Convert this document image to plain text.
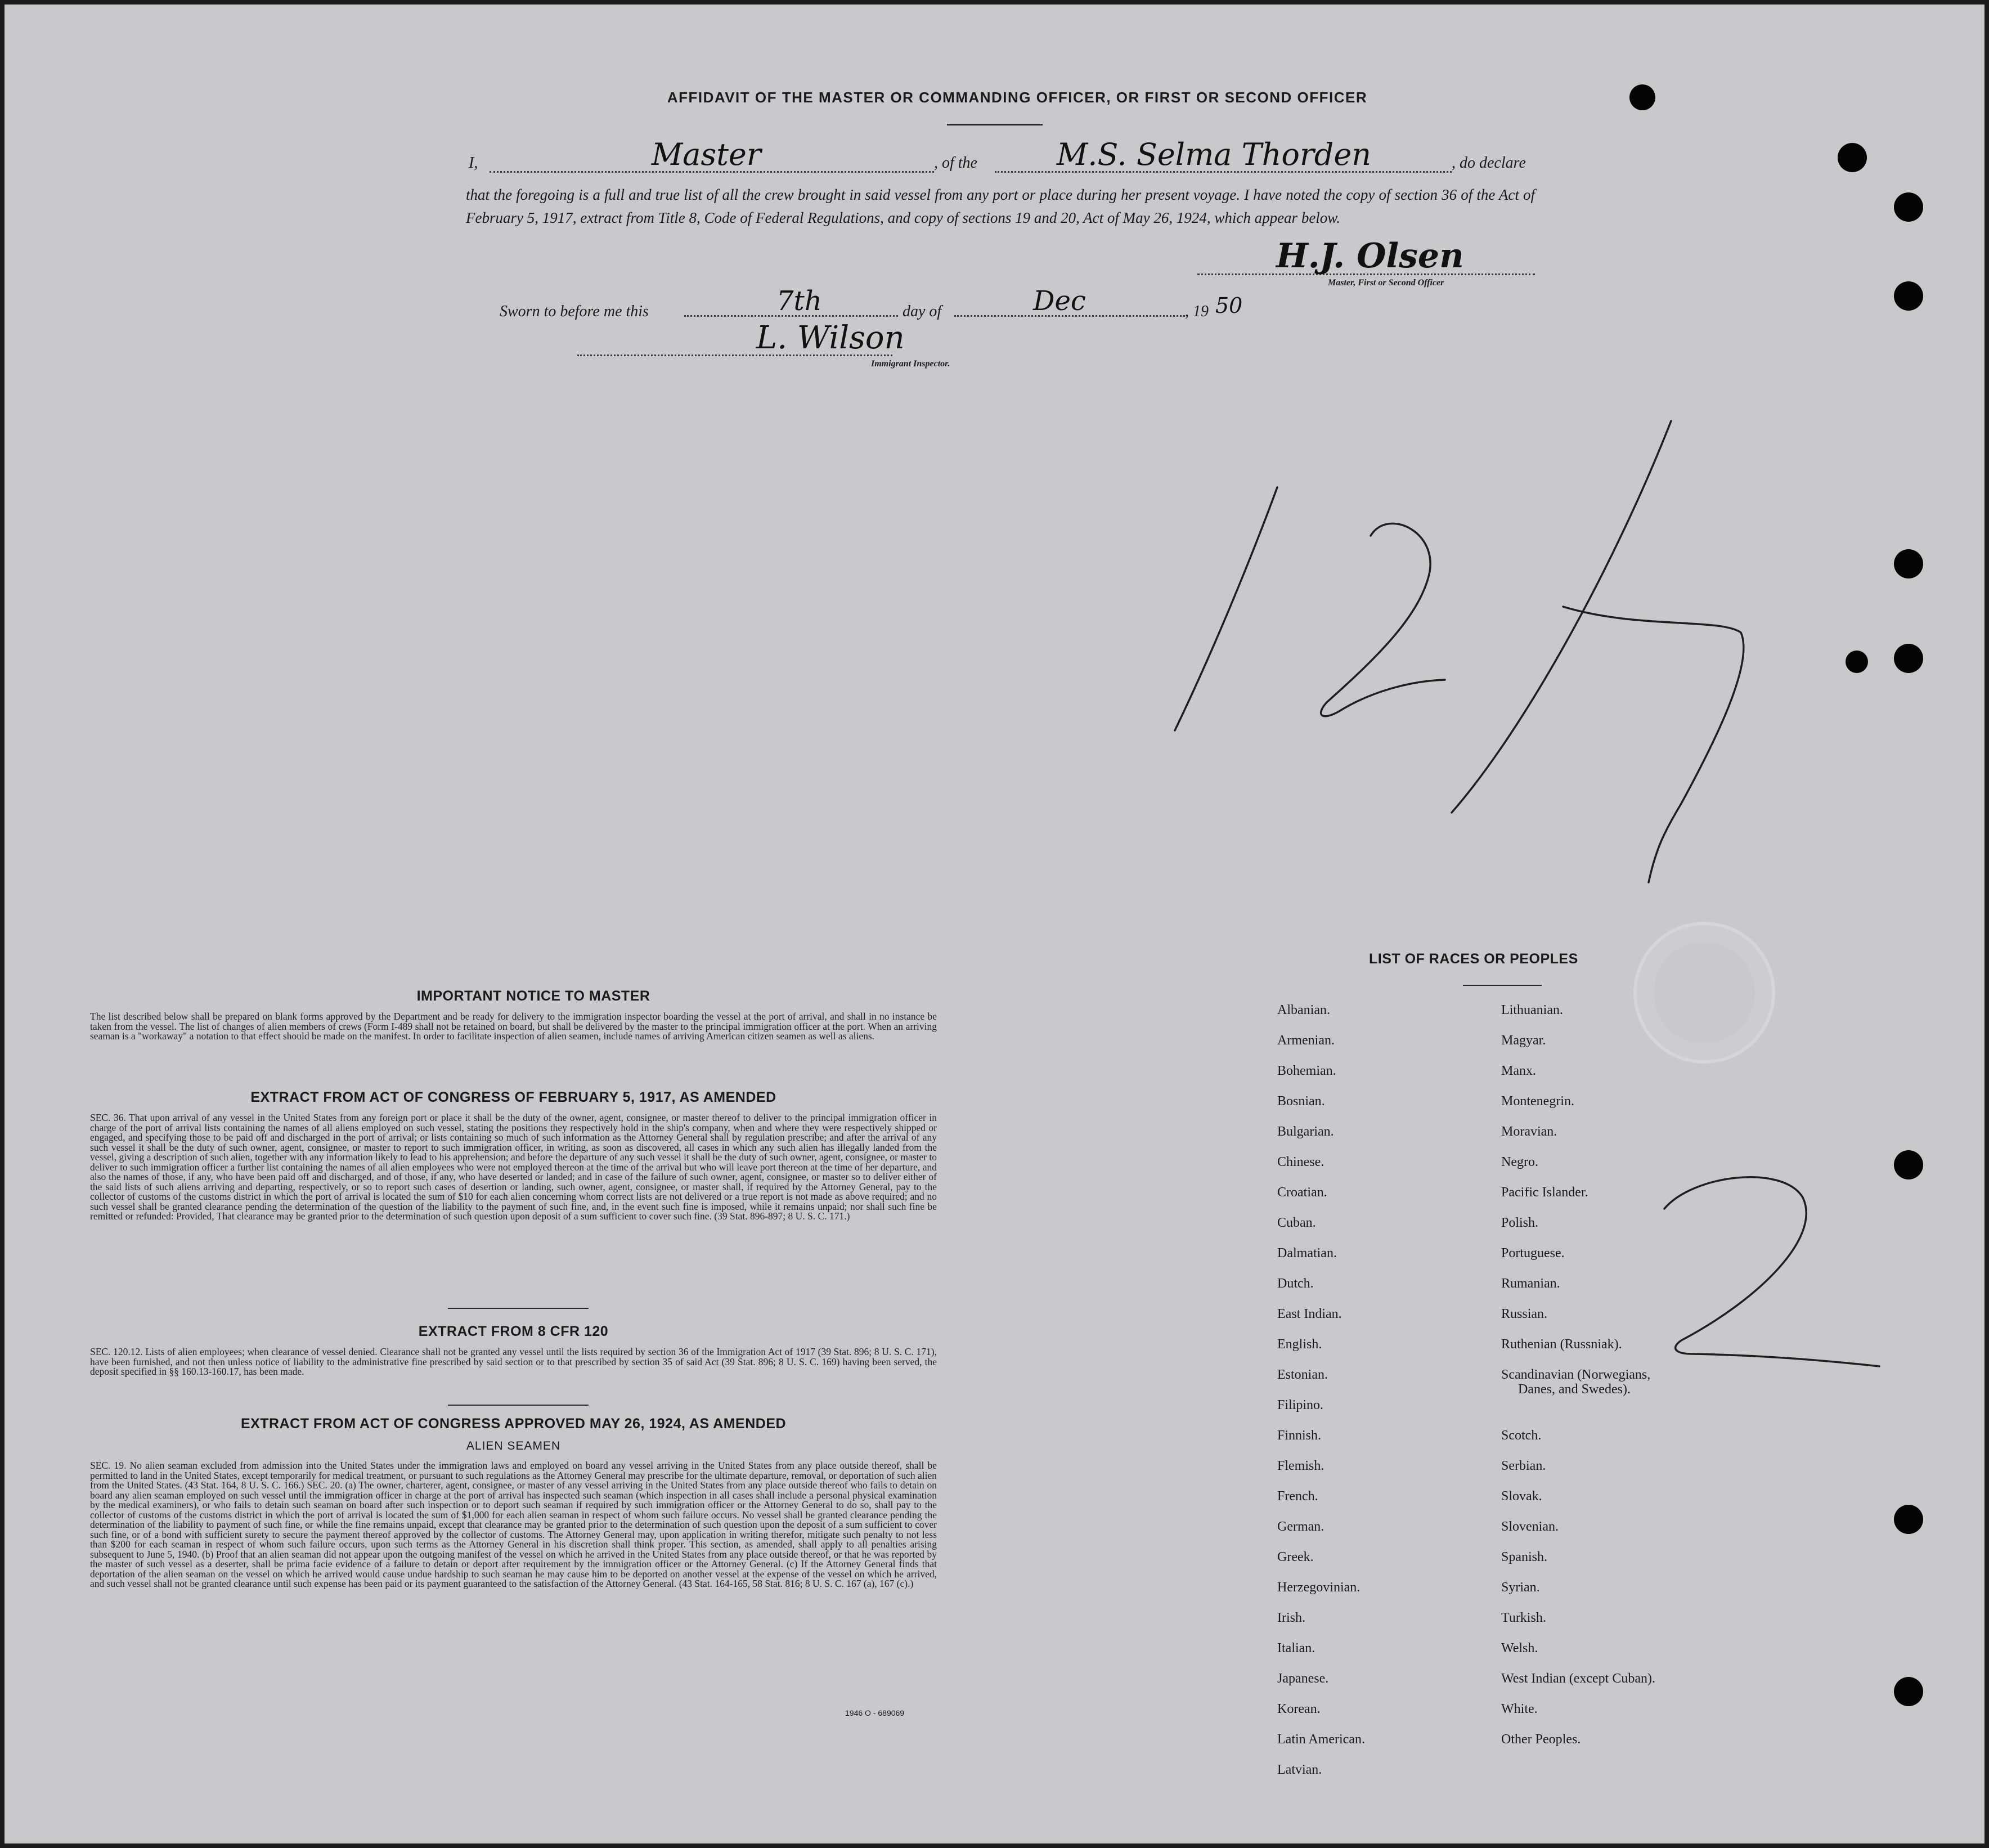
AFFIDAVIT OF THE MASTER OR COMMANDING OFFICER, OR FIRST OR SECOND OFFICER
I,	Master	, of the	M.S. Selma Thorden	, do declare
that the foregoing is a full and true list of all the crew brought in said vessel from any port or place during her present voyage. I have noted the copy of section 36 of the Act of February 5, 1917, extract from Title 8, Code of Federal Regulations, and copy of sections 19 and 20, Act of May 26, 1924, which appear below.
H.J. Olsen
Master, First or Second Officer
Sworn to before me this	7th	day of	Dec	, 19 50
L. Wilson
Immigrant Inspector.
IMPORTANT NOTICE TO MASTER
The list described below shall be prepared on blank forms approved by the Department and be ready for delivery to the immigration inspector boarding the vessel at the port of arrival, and shall in no instance be taken from the vessel. The list of changes of alien members of crews (Form I-489 shall not be retained on board, but shall be delivered by the master to the principal immigration officer at the port. When an arriving seaman is a "workaway" a notation to that effect should be made on the manifest. In order to facilitate inspection of alien seamen, include names of arriving American citizen seamen as well as aliens.
EXTRACT FROM ACT OF CONGRESS OF FEBRUARY 5, 1917, AS AMENDED
SEC. 36. That upon arrival of any vessel in the United States from any foreign port or place it shall be the duty of the owner, agent, consignee, or master thereof to deliver to the principal immigration officer in charge of the port of arrival lists containing the names of all aliens employed on such vessel, stating the positions they respectively hold in the ship's company, when and where they were respectively shipped or engaged, and specifying those to be paid off and discharged in the port of arrival; or lists containing so much of such information as the Attorney General shall by regulation prescribe; and after the arrival of any such vessel it shall be the duty of such owner, agent, consignee, or master to report to such immigration officer, in writing, as soon as discovered, all cases in which any such alien has illegally landed from the vessel, giving a description of such alien, together with any information likely to lead to his apprehension; and before the departure of any such vessel it shall be the duty of such owner, agent, consignee, or master to deliver to such immigration officer a further list containing the names of all alien employees who were not employed thereon at the time of the arrival but who will leave port thereon at the time of her departure, and also the names of those, if any, who have been paid off and discharged, and of those, if any, who have deserted or landed; and in case of the failure of such owner, agent, consignee, or master so to deliver either of the said lists of such aliens arriving and departing, respectively, or so to report such cases of desertion or landing, such owner, agent, consignee, or master shall, if required by the Attorney General, pay to the collector of customs of the customs district in which the port of arrival is located the sum of $10 for each alien concerning whom correct lists are not delivered or a true report is not made as above required; and no such vessel shall be granted clearance pending the determination of the question of the liability to the payment of such fine, and, in the event such fine is imposed, while it remains unpaid; nor shall such fine be remitted or refunded: Provided, That clearance may be granted prior to the determination of such question upon deposit of a sum sufficient to cover such fine. (39 Stat. 896-897; 8 U. S. C. 171.)
EXTRACT FROM 8 CFR 120
SEC. 120.12. Lists of alien employees; when clearance of vessel denied. Clearance shall not be granted any vessel until the lists required by section 36 of the Immigration Act of 1917 (39 Stat. 896; 8 U. S. C. 171), have been furnished, and not then unless notice of liability to the administrative fine prescribed by said section or to that prescribed by section 35 of said Act (39 Stat. 896; 8 U. S. C. 169) having been served, the deposit specified in §§ 160.13-160.17, has been made.
EXTRACT FROM ACT OF CONGRESS APPROVED MAY 26, 1924, AS AMENDED
ALIEN SEAMEN
SEC. 19. No alien seaman excluded from admission into the United States under the immigration laws and employed on board any vessel arriving in the United States from any place outside thereof, shall be permitted to land in the United States, except temporarily for medical treatment, or pursuant to such regulations as the Attorney General may prescribe for the ultimate departure, removal, or deportation of such alien from the United States. (43 Stat. 164, 8 U. S. C. 166.) SEC. 20. (a) The owner, charterer, agent, consignee, or master of any vessel arriving in the United States from any place outside thereof who fails to detain on board any alien seaman employed on such vessel until the immigration officer in charge at the port of arrival has inspected such seaman (which inspection in all cases shall include a personal physical examination by the medical examiners), or who fails to detain such seaman on board after such inspection or to deport such seaman if required by such immigration officer or the Attorney General to do so, shall pay to the collector of customs of the customs district in which the port of arrival is located the sum of $1,000 for each alien seaman in respect of whom such failure occurs. No vessel shall be granted clearance pending the determination of the liability to payment of such fine, or while the fine remains unpaid, except that clearance may be granted prior to the determination of such question upon the deposit of a sum sufficient to cover such fine, or of a bond with sufficient surety to secure the payment thereof approved by the collector of customs. The Attorney General may, upon application in writing therefor, mitigate such penalty to not less than $200 for each seaman in respect of whom such failure occurs, upon such terms as the Attorney General in his discretion shall think proper. This section, as amended, shall apply to all penalties arising subsequent to June 5, 1940. (b) Proof that an alien seaman did not appear upon the outgoing manifest of the vessel on which he arrived in the United States from any place outside thereof, or that he was reported by the master of such vessel as a deserter, shall be prima facie evidence of a failure to detain or deport after requirement by the immigration officer or the Attorney General. (c) If the Attorney General finds that deportation of the alien seaman on the vessel on which he arrived would cause undue hardship to such seaman he may cause him to be deported on another vessel at the expense of the vessel on which he arrived, and such vessel shall not be granted clearance until such expense has been paid or its payment guaranteed to the satisfaction of the Attorney General. (43 Stat. 164-165, 58 Stat. 816; 8 U. S. C. 167 (a), 167 (c).)
1946 O - 689069
LIST OF RACES OR PEOPLES
Albanian.
Armenian.
Bohemian.
Bosnian.
Bulgarian.
Chinese.
Croatian.
Cuban.
Dalmatian.
Dutch.
East Indian.
English.
Estonian.
Filipino.
Finnish.
Flemish.
French.
German.
Greek.
Herzegovinian.
Irish.
Italian.
Japanese.
Korean.
Latin American.
Latvian.
Lithuanian.
Magyar.
Manx.
Montenegrin.
Moravian.
Negro.
Pacific Islander.
Polish.
Portuguese.
Rumanian.
Russian.
Ruthenian (Russniak).
Scandinavian (Norwegians,
Danes, and Swedes).
Scotch.
Serbian.
Slovak.
Slovenian.
Spanish.
Syrian.
Turkish.
Welsh.
West Indian (except Cuban).
White.
Other Peoples.
